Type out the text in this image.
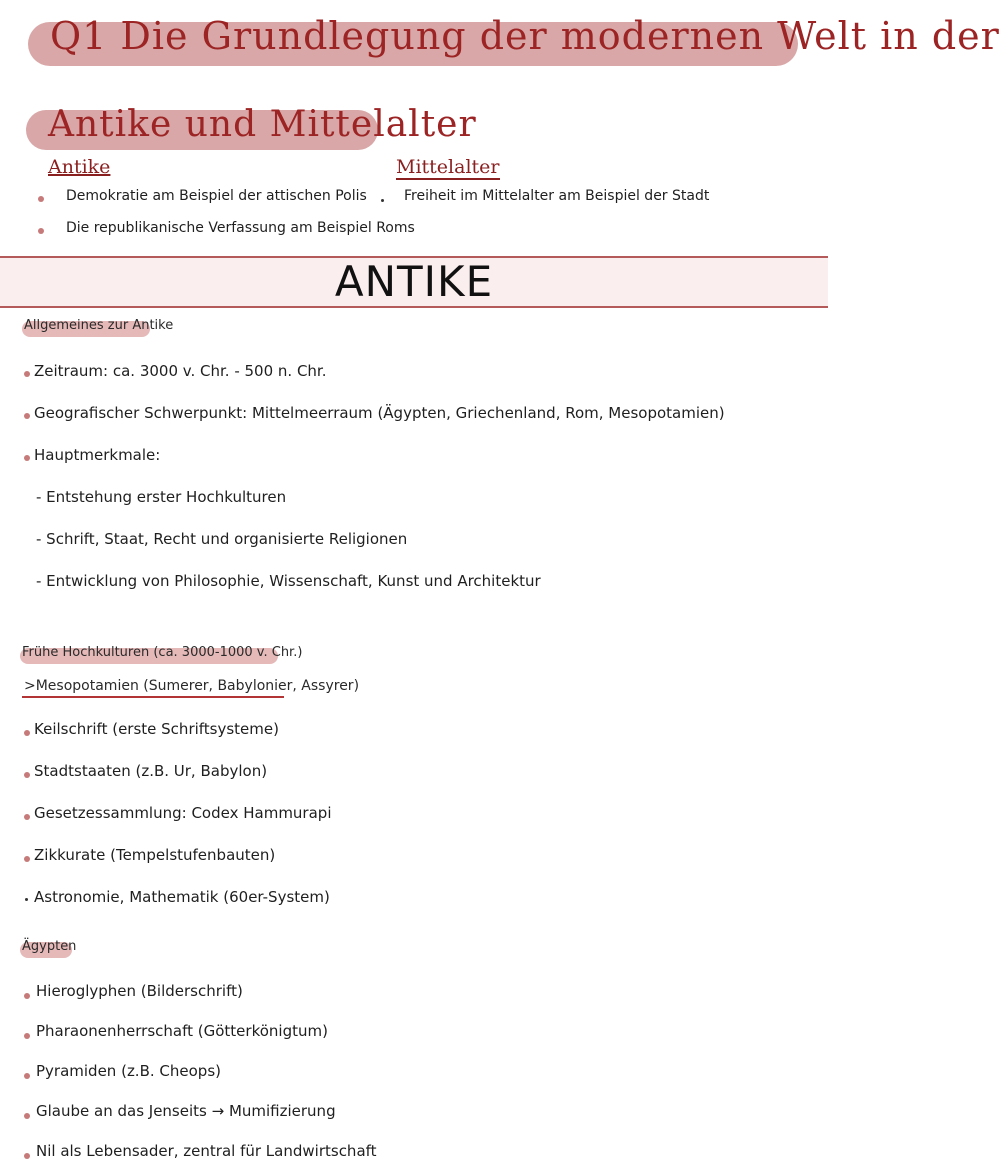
Q1 Die Grundlegung der modernen Welt in der
Antike und Mittelalter
Antike
Demokratie am Beispiel der attischen Polis
Die republikanische Verfassung am Beispiel Roms
Mittelalter
Freiheit im Mittelalter am Beispiel der Stadt
ANTIKE
Allgemeines zur Antike
Zeitraum: ca. 3000 v. Chr. - 500 n. Chr.
Geografischer Schwerpunkt: Mittelmeerraum (Ägypten, Griechenland, Rom, Mesopotamien)
Hauptmerkmale:
- Entstehung erster Hochkulturen
- Schrift, Staat, Recht und organisierte Religionen
- Entwicklung von Philosophie, Wissenschaft, Kunst und Architektur
Frühe Hochkulturen (ca. 3000-1000 v. Chr.)
>Mesopotamien (Sumerer, Babylonier, Assyrer)
Keilschrift (erste Schriftsysteme)
Stadtstaaten (z.B. Ur, Babylon)
Gesetzessammlung: Codex Hammurapi
Zikkurate (Tempelstufenbauten)
Astronomie, Mathematik (60er-System)
Ägypten
Hieroglyphen (Bilderschrift)
Pharaonenherrschaft (Götterkönigtum)
Pyramiden (z.B. Cheops)
Glaube an das Jenseits → Mumifizierung
Nil als Lebensader, zentral für Landwirtschaft
